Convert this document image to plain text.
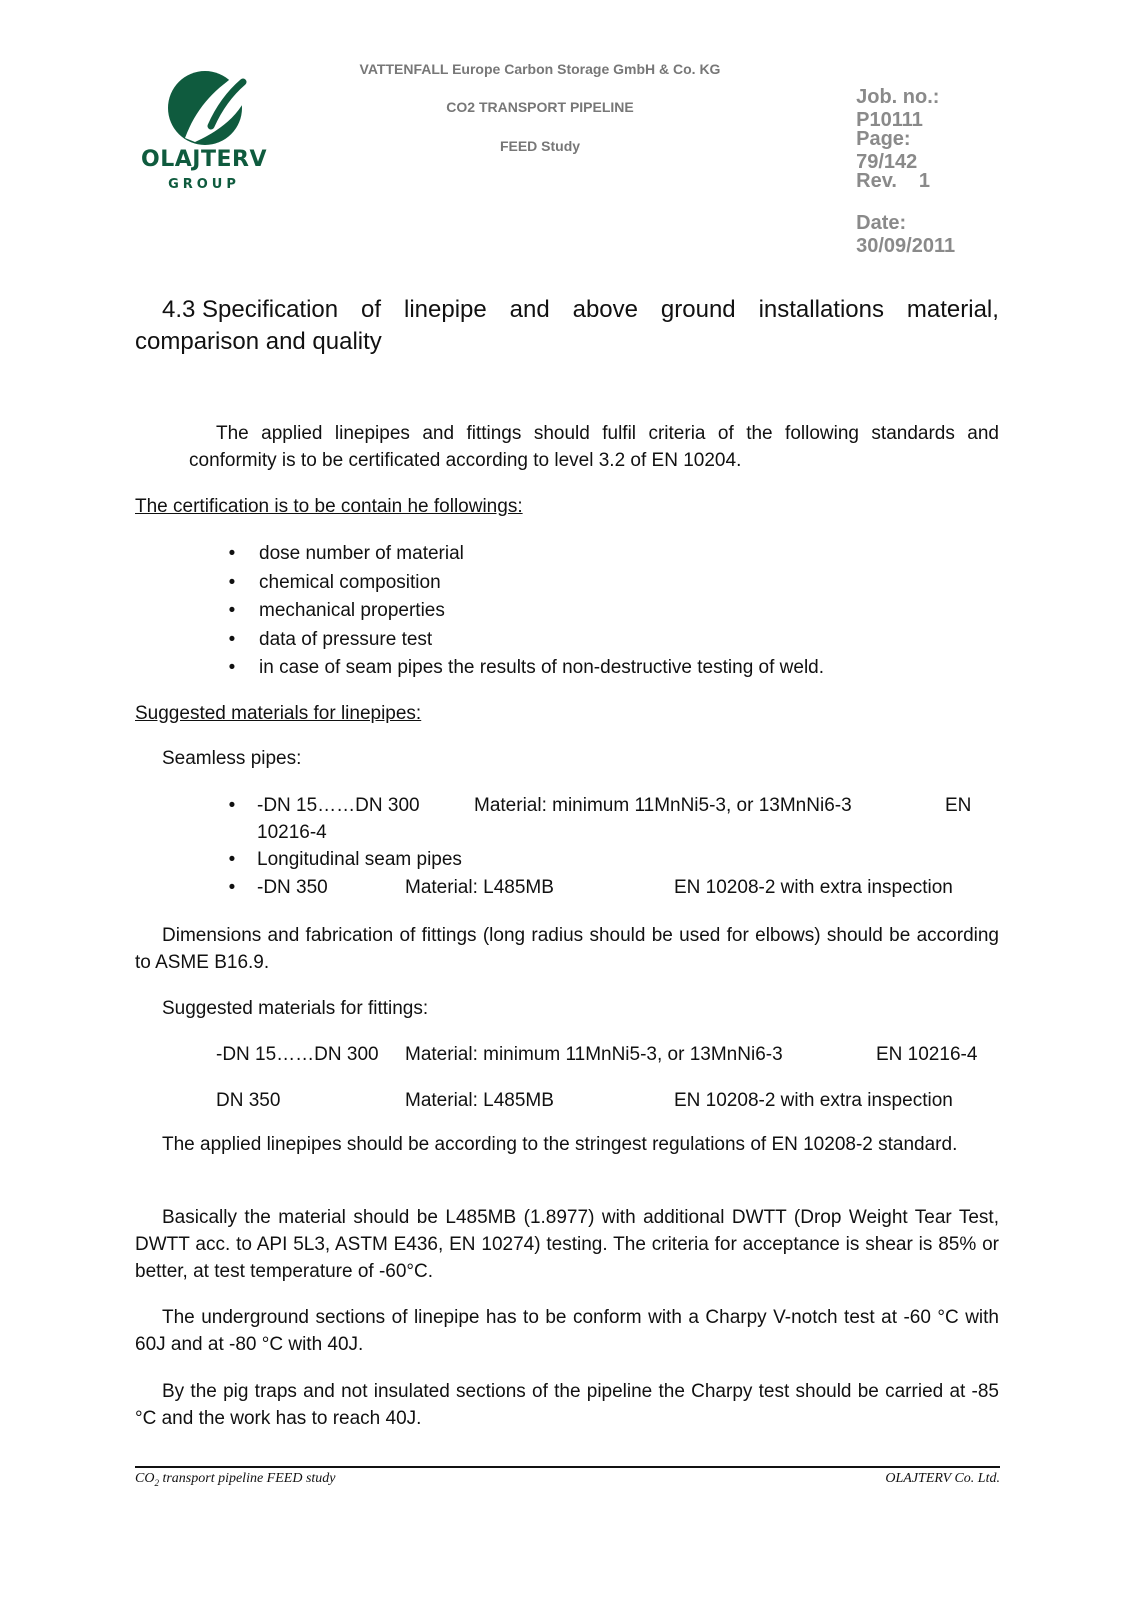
OLAJTERV
GROUP
VATTENFALL Europe Carbon Storage GmbH & Co. KG
CO2 TRANSPORT PIPELINE
FEED Study

Job. no.:
P10111

Page:
79/142

Rev. 1

Date:
30/09/2011

4.3 Specification of linepipe and above ground installations material,
comparison and quality
The applied linepipes and fittings should fulfil criteria of the following standards and conformity is to be certificated according to level 3.2 of EN 10204.
The certification is to be contain he followings:
• dose number of material
• chemical composition
• mechanical properties
• data of pressure test
• in case of seam pipes the results of non-destructive testing of weld.
Suggested materials for linepipes:
Seamless pipes:
• -DN 15……DN 300	Material: minimum 11MnNi5-3, or 13MnNi6-3	EN
10216-4
• Longitudinal seam pipes
• -DN 350	Material: L485MB	EN 10208-2 with extra inspection
Dimensions and fabrication of fittings (long radius should be used for elbows) should be according to ASME B16.9.
Suggested materials for fittings:
-DN 15……DN 300 Material: minimum 11MnNi5-3, or 13MnNi6-3	EN 10216-4
DN 350	Material: L485MB	EN 10208-2 with extra inspection
The applied linepipes should be according to the stringest regulations of EN 10208-2 standard.
Basically the material should be L485MB (1.8977) with additional DWTT (Drop Weight Tear Test, DWTT acc. to API 5L3, ASTM E436, EN 10274) testing. The criteria for acceptance is shear is 85% or better, at test temperature of -60°C.
The underground sections of linepipe has to be conform with a Charpy V-notch test at -60 °C with 60J and at -80 °C with 40J.
By the pig traps and not insulated sections of the pipeline the Charpy test should be carried at -85 °C and the work has to reach 40J.
$CO_2$ transport pipeline FEED study	OLAJTERV Co. Ltd.
